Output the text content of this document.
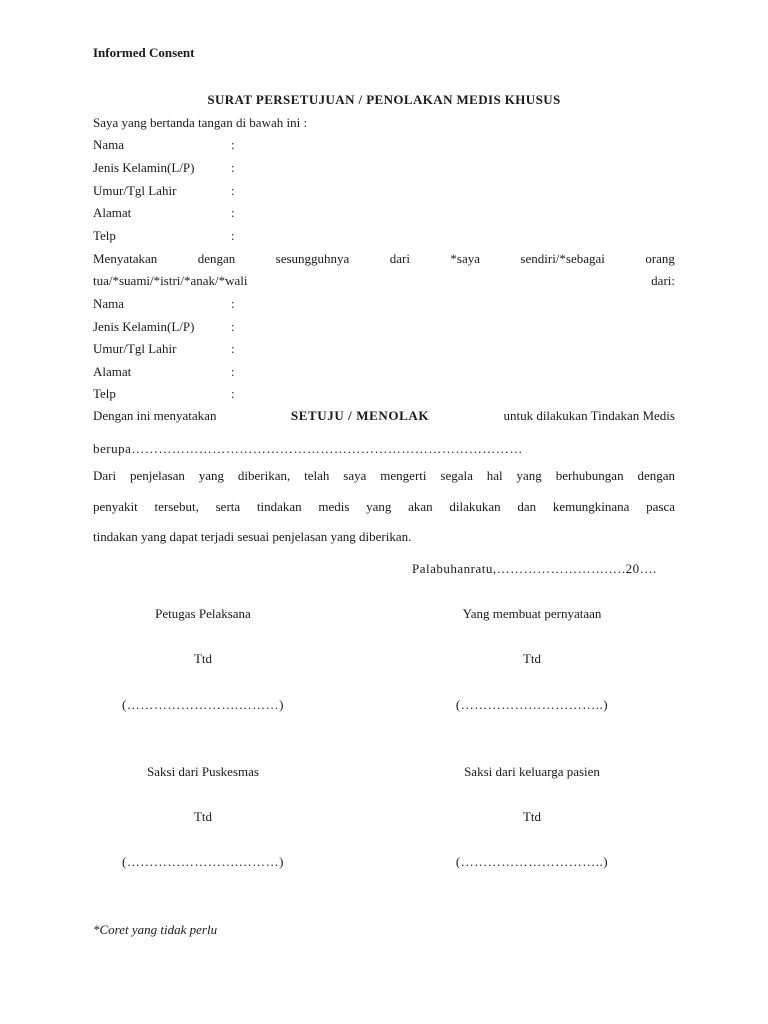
Informed Consent
SURAT PERSETUJUAN / PENOLAKAN MEDIS KHUSUS
Saya yang bertanda tangan di bawah ini :
Nama	:
Jenis Kelamin(L/P)	:
Umur/Tgl Lahir	:
Alamat	:
Telp	:
Menyatakan	dengan	sesungguhnya	dari	*saya	sendiri/*sebagai	orang
tua/*suami/*istri/*anak/*wali	dari:
Nama	:
Jenis Kelamin(L/P)	:
Umur/Tgl Lahir	:
Alamat	:
Telp	:
Dengan ini menyatakan	SETUJU / MENOLAK	untuk dilakukan Tindakan Medis
berupa……………………………………………………………………………
Dari penjelasan yang diberikan, telah saya mengerti segala hal yang berhubungan dengan
penyakit tersebut, serta tindakan medis yang akan dilakukan dan kemungkinana pasca
tindakan yang dapat terjadi sesuai penjelasan yang diberikan.
Palabuhanratu,…………………….….20….
Petugas Pelaksana	Yang membuat pernyataan
Ttd	Ttd
(…………………….………)	(…………………………..)
Saksi dari Puskesmas	Saksi dari keluarga pasien
Ttd	Ttd
(…………………….………)	(…………………………..)
*Coret yang tidak perlu
